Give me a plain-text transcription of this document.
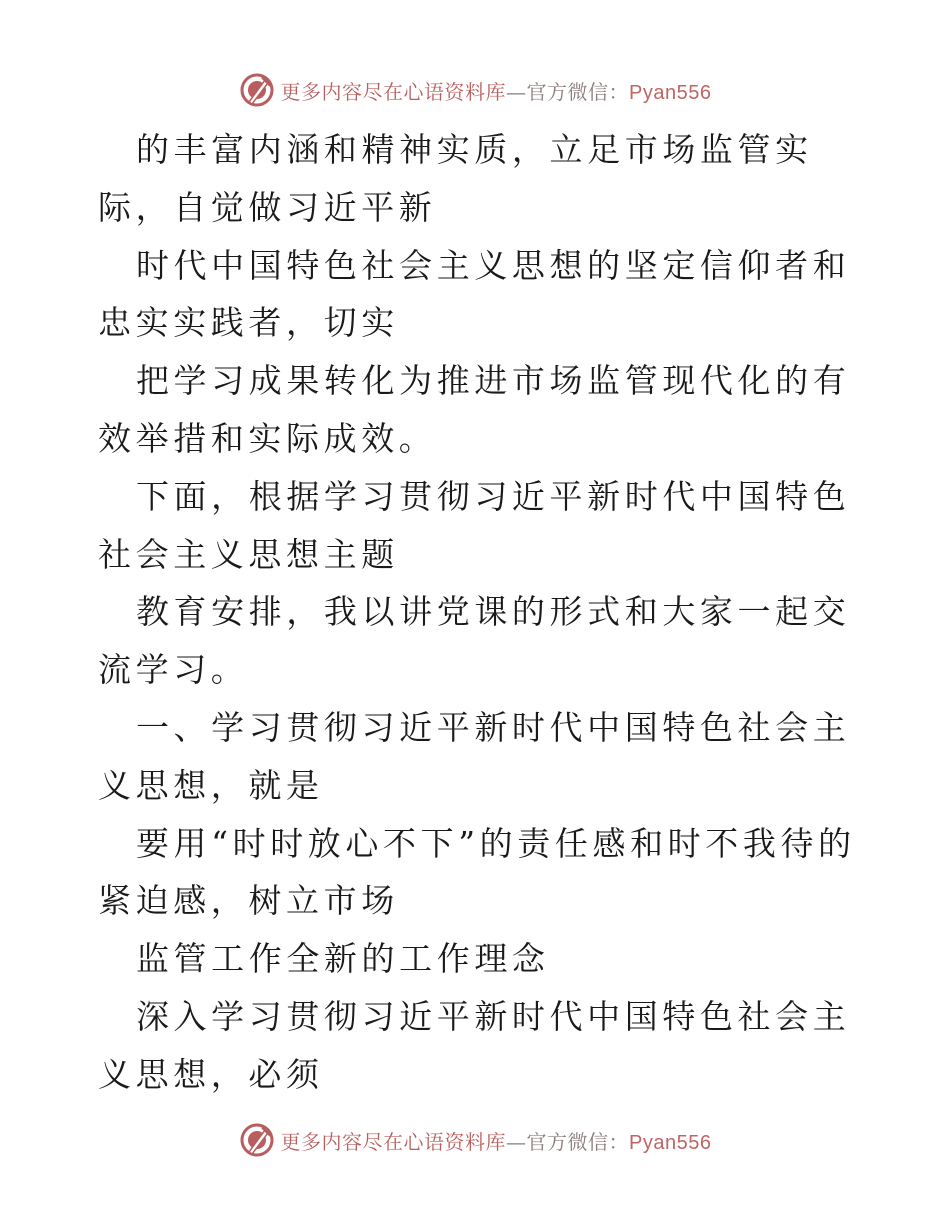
更多内容尽在心语资料库—官方微信：Pyan556

的丰富内涵和精神实质，立足市场监管实际，自觉做习近平新

时代中国特色社会主义思想的坚定信仰者和忠实实践者，切实

把学习成果转化为推进市场监管现代化的有效举措和实际成效。

下面，根据学习贯彻习近平新时代中国特色社会主义思想主题

教育安排，我以讲党课的形式和大家一起交流学习。

一、学习贯彻习近平新时代中国特色社会主义思想，就是

要用“时时放心不下”的责任感和时不我待的紧迫感，树立市场

监管工作全新的工作理念

深入学习贯彻习近平新时代中国特色社会主义思想，必须

更多内容尽在心语资料库—官方微信：Pyan556
